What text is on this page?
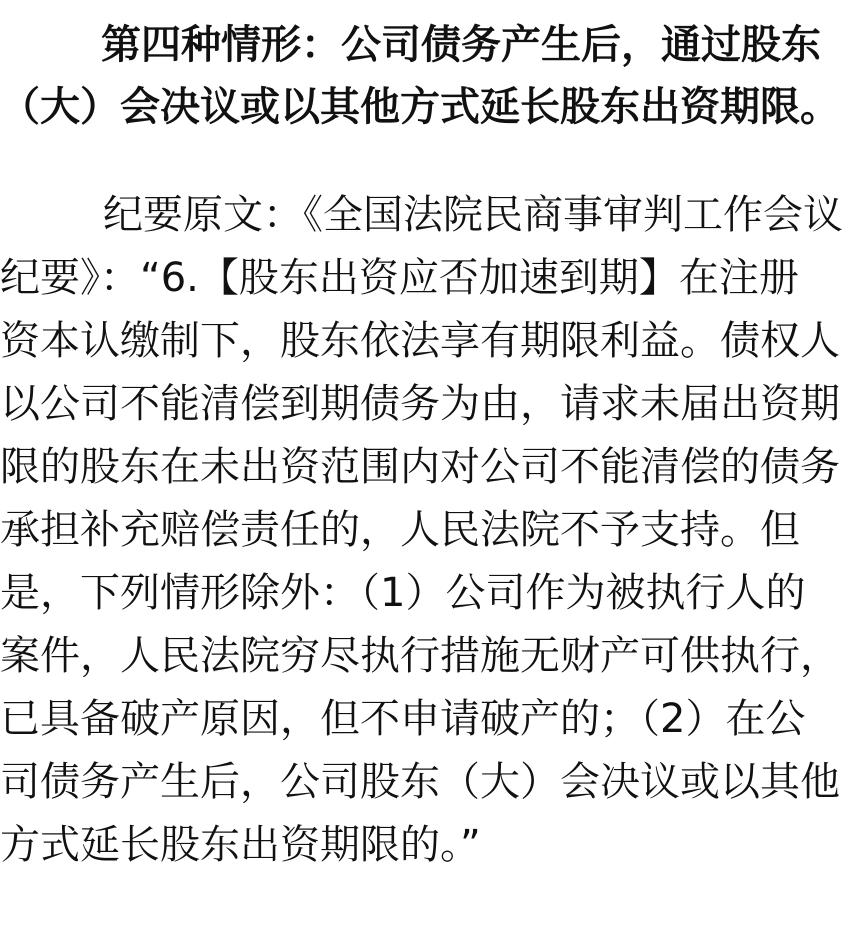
第四种情形：公司债务产生后，通过股东
（大）会决议或以其他方式延长股东出资期限。
纪要原文：《全国法院民商事审判工作会议
纪要》：“6.【股东出资应否加速到期】在注册
资本认缴制下，股东依法享有期限利益。债权人
以公司不能清偿到期债务为由，请求未届出资期
限的股东在未出资范围内对公司不能清偿的债务
承担补充赔偿责任的，人民法院不予支持。但
是，下列情形除外：（1）公司作为被执行人的
案件，人民法院穷尽执行措施无财产可供执行，
已具备破产原因，但不申请破产的；（2）在公
司债务产生后，公司股东（大）会决议或以其他
方式延长股东出资期限的。”
